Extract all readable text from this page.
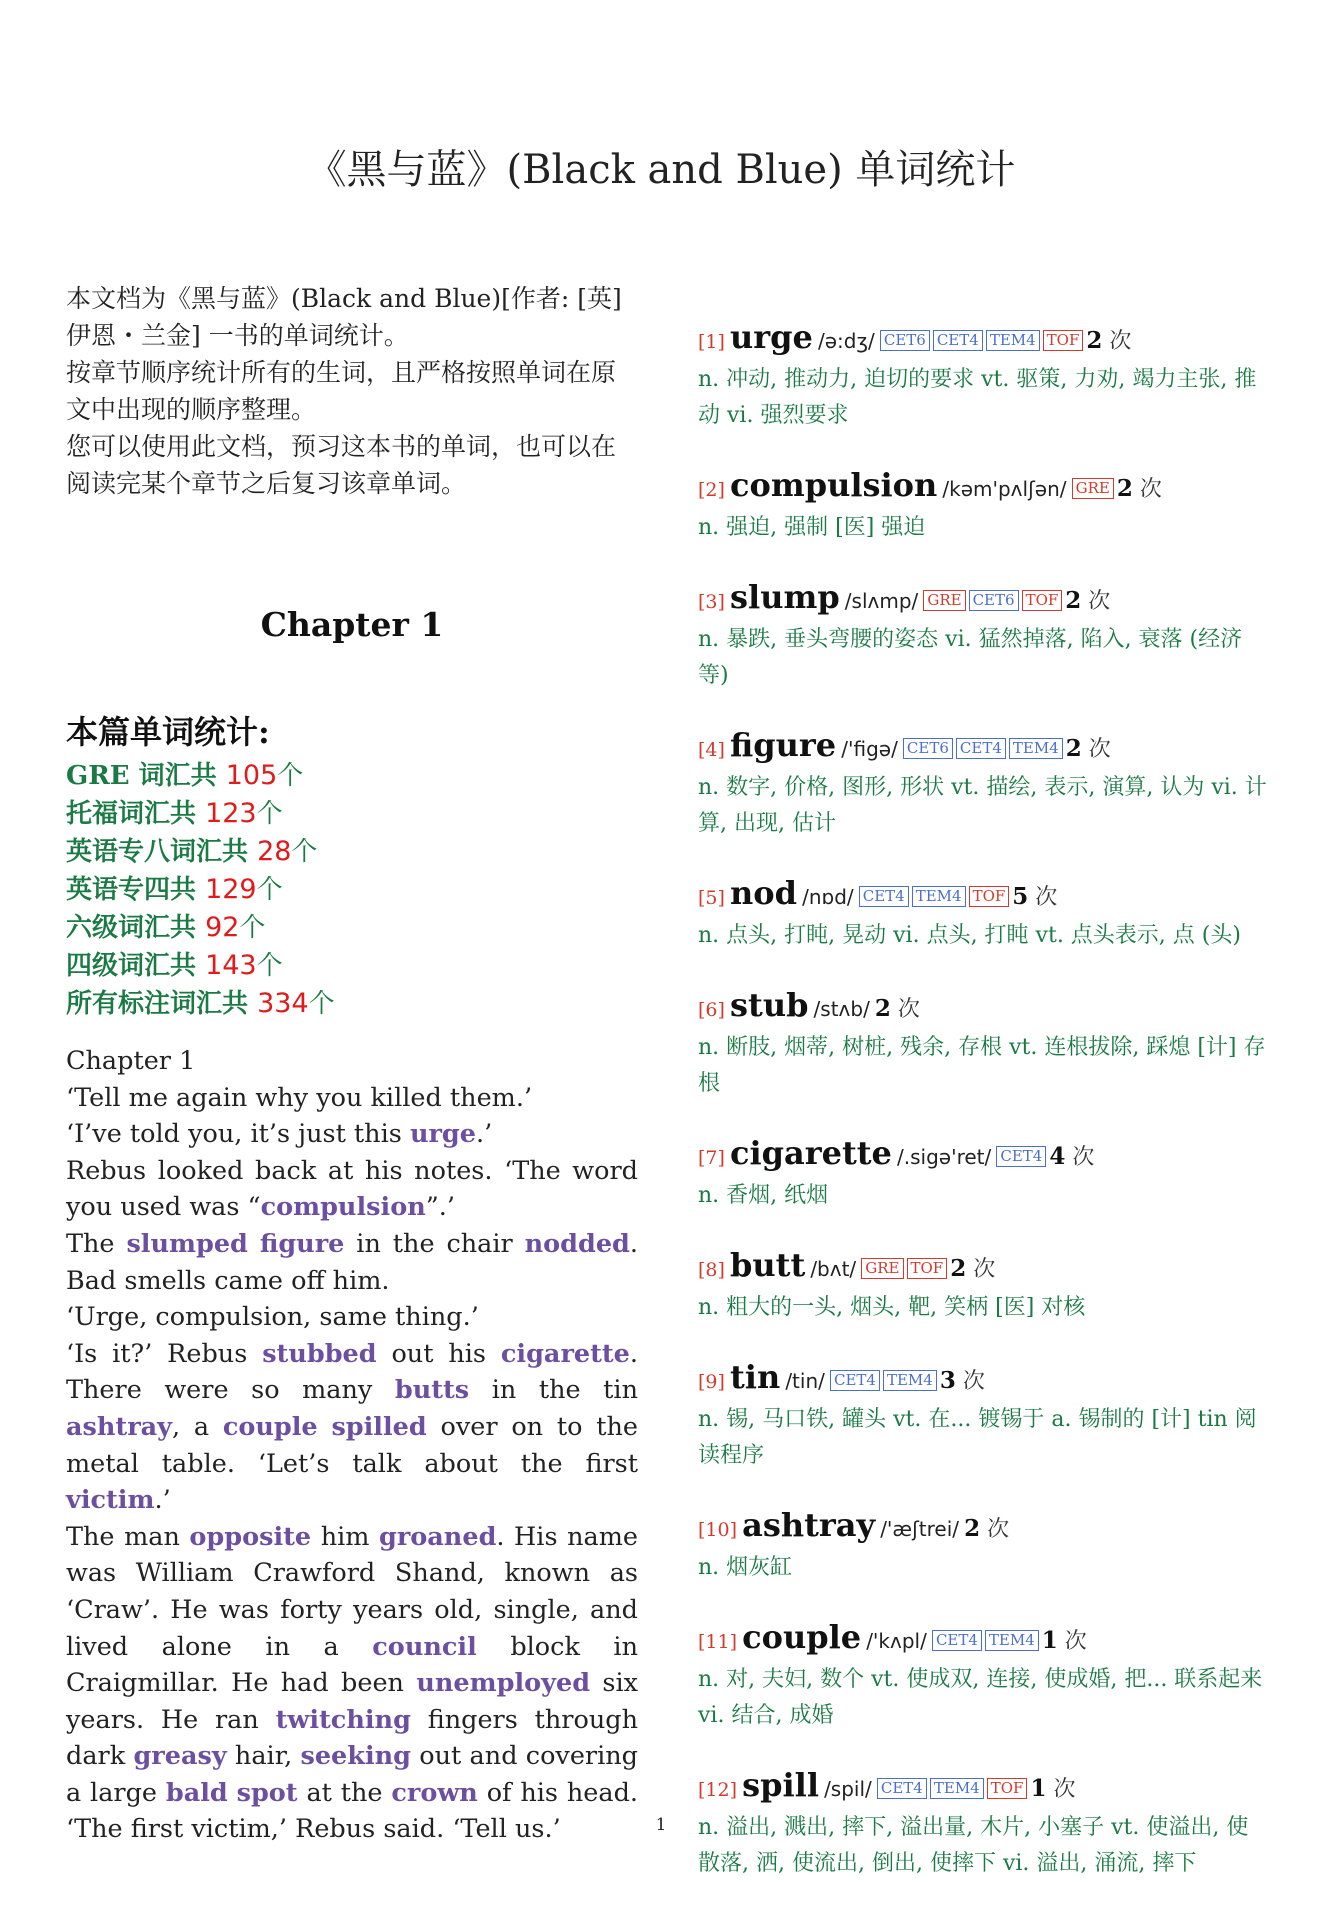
《黑与蓝》(Black and Blue) 单词统计
本文档为《黑与蓝》(Black and Blue)[作者: [英] 伊恩・兰金] 一书的单词统计。
按章节顺序统计所有的生词，且严格按照单词在原文中出现的顺序整理。
您可以使用此文档，预习这本书的单词，也可以在阅读完某个章节之后复习该章单词。
Chapter 1
本篇单词统计:
GRE 词汇共 105个
托福词汇共 123个
英语专八词汇共 28个
英语专四共 129个
六级词汇共 92个
四级词汇共 143个
所有标注词汇共 334个

Chapter 1

‘Tell me again why you killed them.’

‘I’ve told you, it’s just this urge.’

Rebus looked back at his notes. ‘The word you used was “compulsion”.’

The slumped figure in the chair nodded. Bad smells came off him.

‘Urge, compulsion, same thing.’

‘Is it?’ Rebus stubbed out his cigarette. There were so many butts in the tin ashtray, a couple spilled over on to the metal table. ‘Let’s talk about the first victim.’

The man opposite him groaned. His name was William Crawford Shand, known as ‘Craw’. He was forty years old, single, and lived alone in a council block in Craigmillar. He had been unemployed six years. He ran twitching fingers through dark greasy hair, seeking out and covering a large bald spot at the crown of his head. ‘The first victim,’ Rebus said. ‘Tell us.’

[1] urge /ə:dʒ/ CET6 CET4 TEM4 TOF 2 次
n. 冲动, 推动力, 迫切的要求 vt. 驱策, 力劝, 竭力主张, 推动 vi. 强烈要求
[2] compulsion /kəm'pʌlʃən/ GRE 2 次
n. 强迫, 强制 [医] 强迫
[3] slump /slʌmp/ GRE CET6 TOF 2 次
n. 暴跌, 垂头弯腰的姿态 vi. 猛然掉落, 陷入, 衰落 (经济等)
[4] figure /'figə/ CET6 CET4 TEM4 2 次
n. 数字, 价格, 图形, 形状 vt. 描绘, 表示, 演算, 认为 vi. 计算, 出现, 估计
[5] nod /nɒd/ CET4 TEM4 TOF 5 次
n. 点头, 打盹, 晃动 vi. 点头, 打盹 vt. 点头表示, 点 (头)
[6] stub /stʌb/ 2 次
n. 断肢, 烟蒂, 树桩, 残余, 存根 vt. 连根拔除, 踩熄 [计] 存根
[7] cigarette /.sigə'ret/ CET4 4 次
n. 香烟, 纸烟
[8] butt /bʌt/ GRE TOF 2 次
n. 粗大的一头, 烟头, 靶, 笑柄 [医] 对核
[9] tin /tin/ CET4 TEM4 3 次
n. 锡, 马口铁, 罐头 vt. 在... 镀锡于 a. 锡制的 [计] tin 阅读程序
[10] ashtray /'æʃtrei/ 2 次
n. 烟灰缸
[11] couple /'kʌpl/ CET4 TEM4 1 次
n. 对, 夫妇, 数个 vt. 使成双, 连接, 使成婚, 把... 联系起来 vi. 结合, 成婚
[12] spill /spil/ CET4 TEM4 TOF 1 次
n. 溢出, 溅出, 摔下, 溢出量, 木片, 小塞子 vt. 使溢出, 使散落, 洒, 使流出, 倒出, 使摔下 vi. 溢出, 涌流, 摔下
1
